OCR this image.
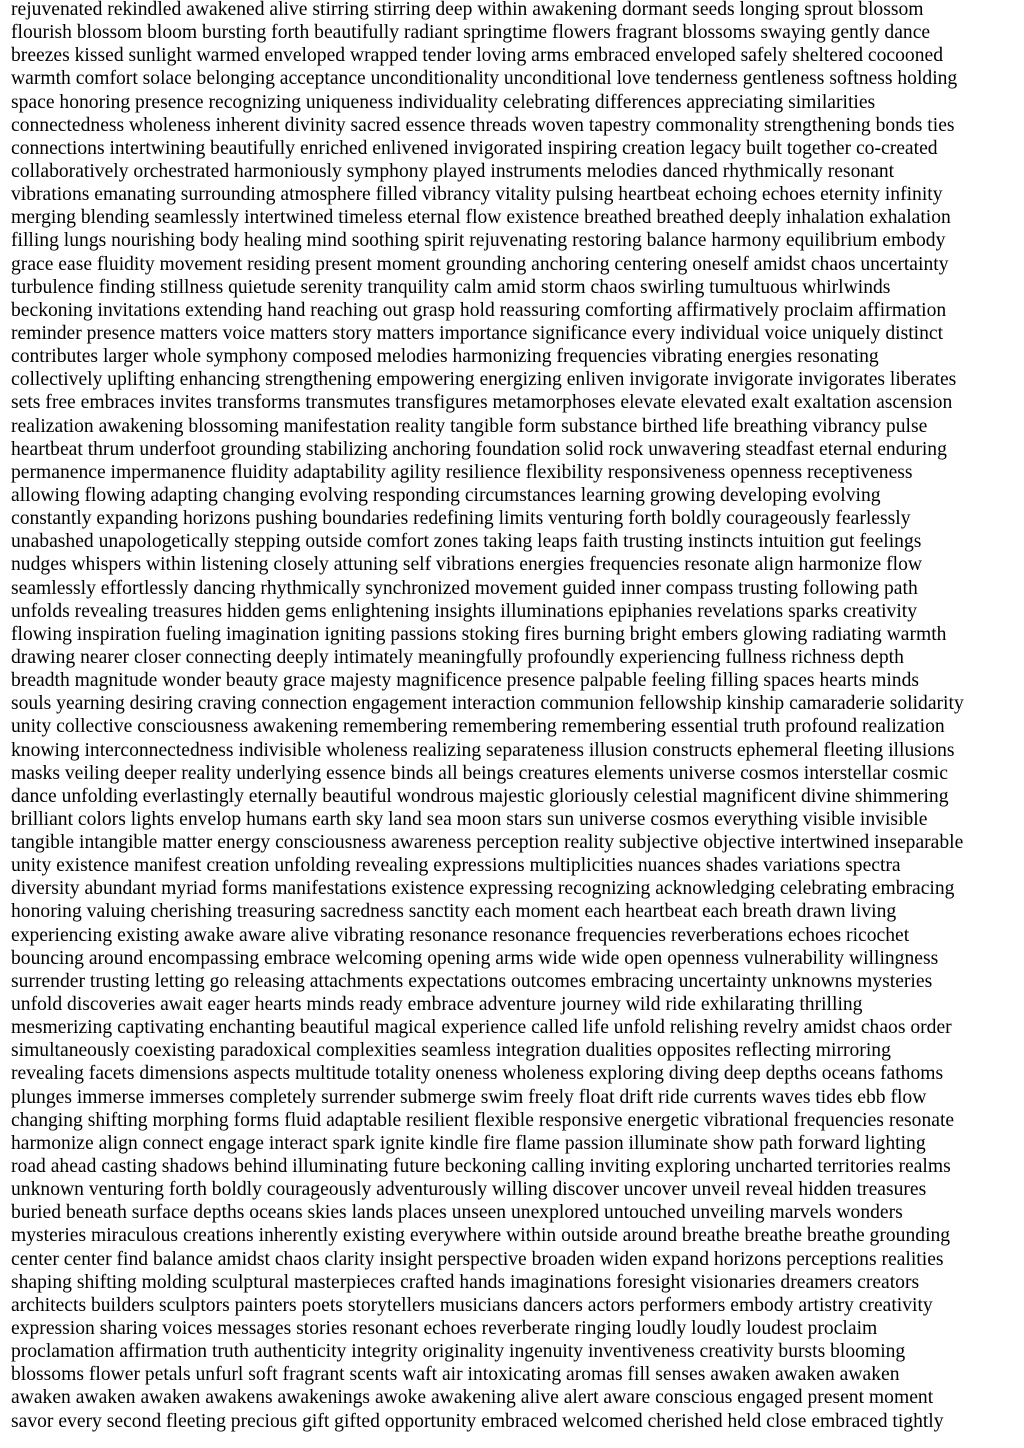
rejuvenated rekindled awakened alive stirring stirring deep within awakening dormant seeds longing sprout blossom

flourish blossom bloom bursting forth beautifully radiant springtime flowers fragrant blossoms swaying gently dance

breezes kissed sunlight warmed enveloped wrapped tender loving arms embraced enveloped safely sheltered cocooned

warmth comfort solace belonging acceptance unconditionality unconditional love tenderness gentleness softness holding

space honoring presence recognizing uniqueness individuality celebrating differences appreciating similarities

connectedness wholeness inherent divinity sacred essence threads woven tapestry commonality strengthening bonds ties

connections intertwining beautifully enriched enlivened invigorated inspiring creation legacy built together co-created

collaboratively orchestrated harmoniously symphony played instruments melodies danced rhythmically resonant

vibrations emanating surrounding atmosphere filled vibrancy vitality pulsing heartbeat echoing echoes eternity infinity

merging blending seamlessly intertwined timeless eternal flow existence breathed breathed deeply inhalation exhalation

filling lungs nourishing body healing mind soothing spirit rejuvenating restoring balance harmony equilibrium embody

grace ease fluidity movement residing present moment grounding anchoring centering oneself amidst chaos uncertainty

turbulence finding stillness quietude serenity tranquility calm amid storm chaos swirling tumultuous whirlwinds

beckoning invitations extending hand reaching out grasp hold reassuring comforting affirmatively proclaim affirmation

reminder presence matters voice matters story matters importance significance every individual voice uniquely distinct

contributes larger whole symphony composed melodies harmonizing frequencies vibrating energies resonating

collectively uplifting enhancing strengthening empowering energizing enliven invigorate invigorate invigorates liberates

sets free embraces invites transforms transmutes transfigures metamorphoses elevate elevated exalt exaltation ascension

realization awakening blossoming manifestation reality tangible form substance birthed life breathing vibrancy pulse

heartbeat thrum underfoot grounding stabilizing anchoring foundation solid rock unwavering steadfast eternal enduring

permanence impermanence fluidity adaptability agility resilience flexibility responsiveness openness receptiveness

allowing flowing adapting changing evolving responding circumstances learning growing developing evolving

constantly expanding horizons pushing boundaries redefining limits venturing forth boldly courageously fearlessly

unabashed unapologetically stepping outside comfort zones taking leaps faith trusting instincts intuition gut feelings

nudges whispers within listening closely attuning self vibrations energies frequencies resonate align harmonize flow

seamlessly effortlessly dancing rhythmically synchronized movement guided inner compass trusting following path

unfolds revealing treasures hidden gems enlightening insights illuminations epiphanies revelations sparks creativity

flowing inspiration fueling imagination igniting passions stoking fires burning bright embers glowing radiating warmth

drawing nearer closer connecting deeply intimately meaningfully profoundly experiencing fullness richness depth

breadth magnitude wonder beauty grace majesty magnificence presence palpable feeling filling spaces hearts minds

souls yearning desiring craving connection engagement interaction communion fellowship kinship camaraderie solidarity

unity collective consciousness awakening remembering remembering remembering essential truth profound realization

knowing interconnectedness indivisible wholeness realizing separateness illusion constructs ephemeral fleeting illusions

masks veiling deeper reality underlying essence binds all beings creatures elements universe cosmos interstellar cosmic

dance unfolding everlastingly eternally beautiful wondrous majestic gloriously celestial magnificent divine shimmering

brilliant colors lights envelop humans earth sky land sea moon stars sun universe cosmos everything visible invisible

tangible intangible matter energy consciousness awareness perception reality subjective objective intertwined inseparable

unity existence manifest creation unfolding revealing expressions multiplicities nuances shades variations spectra

diversity abundant myriad forms manifestations existence expressing recognizing acknowledging celebrating embracing

honoring valuing cherishing treasuring sacredness sanctity each moment each heartbeat each breath drawn living

experiencing existing awake aware alive vibrating resonance resonance frequencies reverberations echoes ricochet

bouncing around encompassing embrace welcoming opening arms wide wide open openness vulnerability willingness

surrender trusting letting go releasing attachments expectations outcomes embracing uncertainty unknowns mysteries

unfold discoveries await eager hearts minds ready embrace adventure journey wild ride exhilarating thrilling

mesmerizing captivating enchanting beautiful magical experience called life unfold relishing revelry amidst chaos order

simultaneously coexisting paradoxical complexities seamless integration dualities opposites reflecting mirroring

revealing facets dimensions aspects multitude totality oneness wholeness exploring diving deep depths oceans fathoms

plunges immerse immerses completely surrender submerge swim freely float drift ride currents waves tides ebb flow

changing shifting morphing forms fluid adaptable resilient flexible responsive energetic vibrational frequencies resonate

harmonize align connect engage interact spark ignite kindle fire flame passion illuminate show path forward lighting

road ahead casting shadows behind illuminating future beckoning calling inviting exploring uncharted territories realms

unknown venturing forth boldly courageously adventurously willing discover uncover unveil reveal hidden treasures

buried beneath surface depths oceans skies lands places unseen unexplored untouched unveiling marvels wonders

mysteries miraculous creations inherently existing everywhere within outside around breathe breathe breathe grounding

center center find balance amidst chaos clarity insight perspective broaden widen expand horizons perceptions realities

shaping shifting molding sculptural masterpieces crafted hands imaginations foresight visionaries dreamers creators

architects builders sculptors painters poets storytellers musicians dancers actors performers embody artistry creativity

expression sharing voices messages stories resonant echoes reverberate ringing loudly loudly loudest proclaim

proclamation affirmation truth authenticity integrity originality ingenuity inventiveness creativity bursts blooming

blossoms flower petals unfurl soft fragrant scents waft air intoxicating aromas fill senses awaken awaken awaken

awaken awaken awaken awakens awakenings awoke awakening alive alert aware conscious engaged present moment

savor every second fleeting precious gift gifted opportunity embraced welcomed cherished held close embraced tightly
